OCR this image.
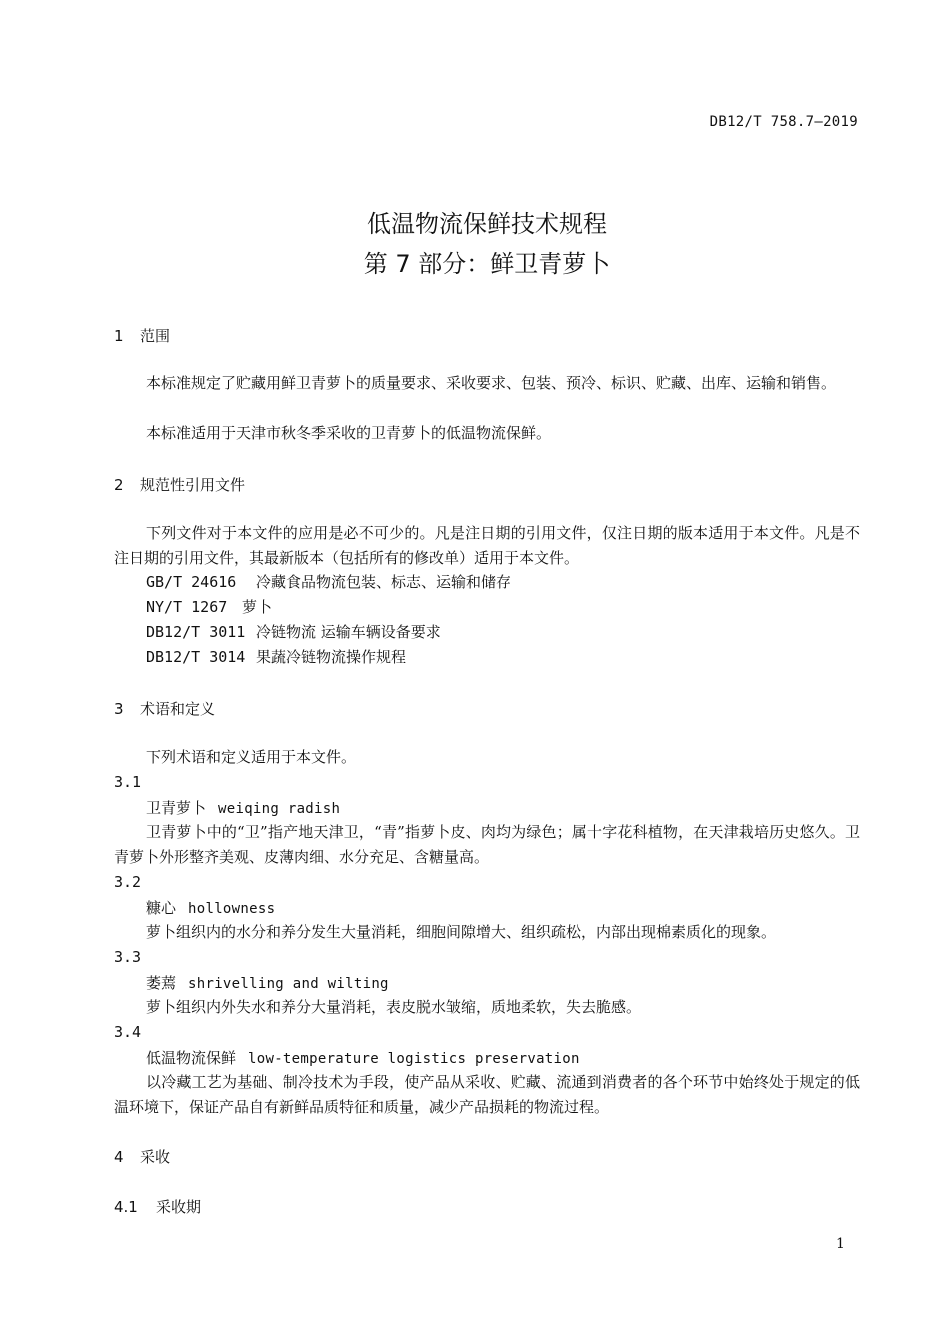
DB12/T 758.7—2019
低温物流保鲜技术规程
第 7 部分：鲜卫青萝卜
1 范围
本标准规定了贮藏用鲜卫青萝卜的质量要求、采收要求、包装、预冷、标识、贮藏、出库、运输和销售。
本标准适用于天津市秋冬季采收的卫青萝卜的低温物流保鲜。
2 规范性引用文件
下列文件对于本文件的应用是必不可少的。凡是注日期的引用文件，仅注日期的版本适用于本文件。凡是不注日期的引用文件，其最新版本（包括所有的修改单）适用于本文件。
GB/T 24616 冷藏食品物流包装、标志、运输和储存
NY/T 1267 萝卜
DB12/T 3011 冷链物流 运输车辆设备要求
DB12/T 3014 果蔬冷链物流操作规程
3 术语和定义
下列术语和定义适用于本文件。
3.1
卫青萝卜 weiqing radish
卫青萝卜中的“卫”指产地天津卫，“青”指萝卜皮、肉均为绿色；属十字花科植物，在天津栽培历史悠久。卫青萝卜外形整齐美观、皮薄肉细、水分充足、含糖量高。
3.2
糠心 hollowness
萝卜组织内的水分和养分发生大量消耗，细胞间隙增大、组织疏松，内部出现棉素质化的现象。
3.3
萎蔫 shrivelling and wilting
萝卜组织内外失水和养分大量消耗，表皮脱水皱缩，质地柔软，失去脆感。
3.4
低温物流保鲜 low-temperature logistics preservation
以冷藏工艺为基础、制冷技术为手段，使产品从采收、贮藏、流通到消费者的各个环节中始终处于规定的低温环境下，保证产品自有新鲜品质特征和质量，减少产品损耗的物流过程。
4 采收
4.1 采收期
1
